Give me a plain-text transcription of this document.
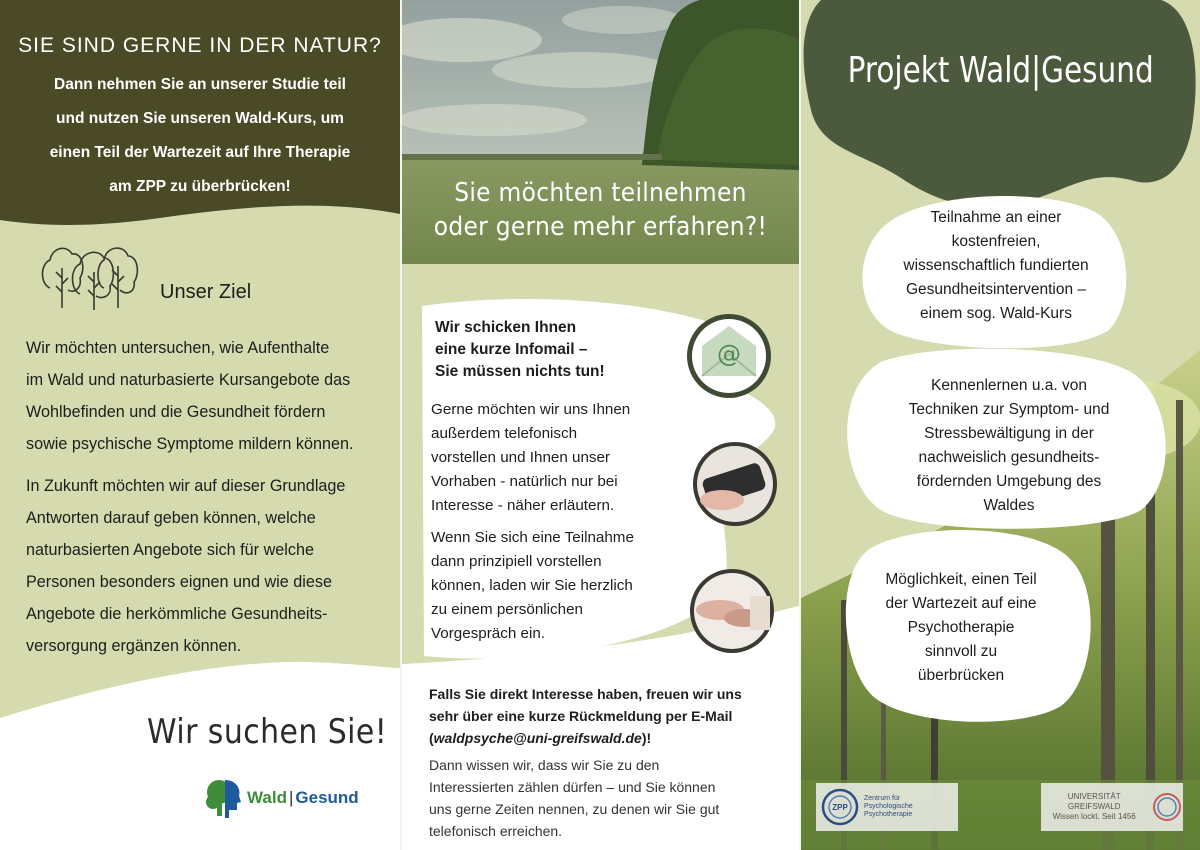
SIE SIND GERNE IN DER NATUR?
Dann nehmen Sie an unserer Studie teil
und nutzen Sie unseren Wald-Kurs, um
einen Teil der Wartezeit auf Ihre Therapie
am ZPP zu überbrücken!
Unser Ziel

Wir möchten untersuchen, wie Aufenthalte
im Wald und naturbasierte Kursangebote das
Wohlbefinden und die Gesundheit fördern
sowie psychische Symptome mildern können.

In Zukunft möchten wir auf dieser Grundlage
Antworten darauf geben können, welche
naturbasierten Angebote sich für welche
Personen besonders eignen und wie diese
Angebote die herkömmliche Gesundheits-
versorgung ergänzen können.

Wir suchen Sie!
Wald | Gesund
@
Sie möchten teilnehmen
oder gerne mehr erfahren?!
Wir schicken Ihnen
eine kurze Infomail –
Sie müssen nichts tun!
Gerne möchten wir uns Ihnen
außerdem telefonisch
vorstellen und Ihnen unser
Vorhaben - natürlich nur bei
Interesse - näher erläutern.
Wenn Sie sich eine Teilnahme
dann prinzipiell vorstellen
können, laden wir Sie herzlich
zu einem persönlichen
Vorgespräch ein.
Falls Sie direkt Interesse haben, freuen wir uns
sehr über eine kurze Rückmeldung per E-Mail
(waldpsyche@uni-greifswald.de)!
Dann wissen wir, dass wir Sie zu den
Interessierten zählen dürfen – und Sie können
uns gerne Zeiten nennen, zu denen wir Sie gut
telefonisch erreichen.
Projekt Wald|Gesund
Teilnahme an einer
kostenfreien,
wissenschaftlich fundierten
Gesundheitsintervention –
einem sog. Wald-Kurs
Kennenlernen u.a. von
Techniken zur Symptom- und
Stressbewältigung in der
nachweislich gesundheits-
fördernden Umgebung des
Waldes
Möglichkeit, einen Teil
der Wartezeit auf eine
Psychotherapie
sinnvoll zu
überbrücken
ZPP
Zentrum für
Psychologische
Psychotherapie
UNIVERSITÄT GREIFSWALD
Wissen lockt. Seit 1456
